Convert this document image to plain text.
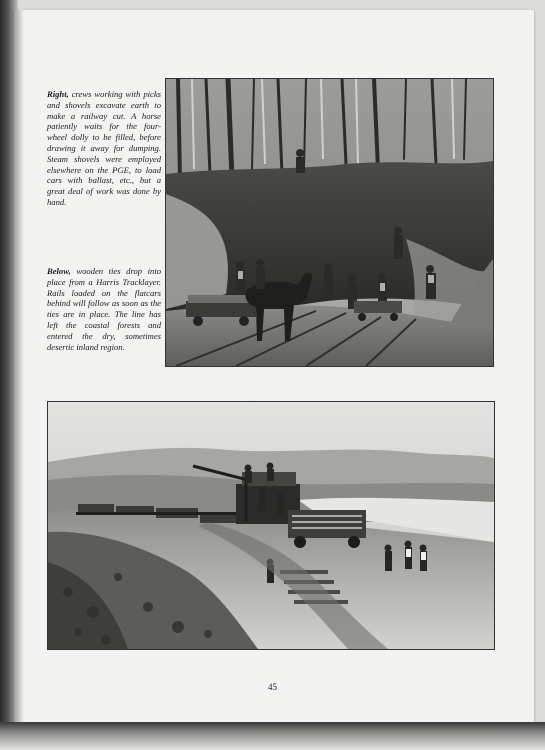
Right, crews working with picks and shovels excavate earth to make a railway cut. A horse patiently waits for the four-wheel dolly to be filled, before drawing it away for dumping. Steam shovels were employed elsewhere on the PGE, to load cars with ballast, etc., but a great deal of work was done by hand.
Below, wooden ties drop into place from a Harris Tracklayer. Rails loaded on the flatcars behind will follow as soon as the ties are in place. The line has left the coastal forests and entered the dry, sometimes desertic inland region.
45
